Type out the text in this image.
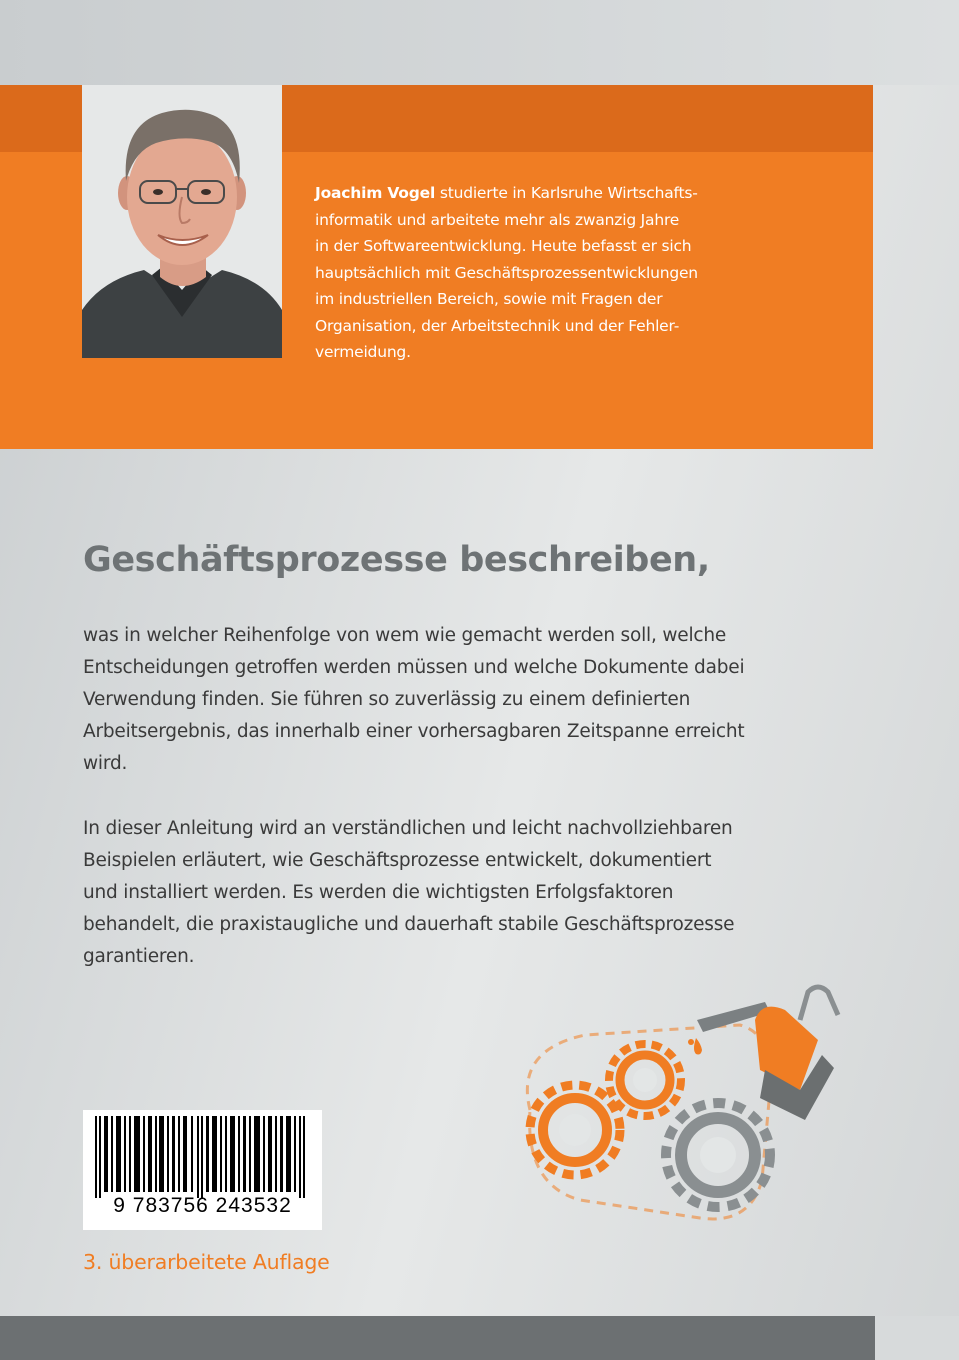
Joachim Vogel studierte in Karlsruhe Wirtschafts-
informatik und arbeitete mehr als zwanzig Jahre
in der Softwareentwicklung. Heute befasst er sich
hauptsächlich mit Geschäftsprozessentwicklungen
im industriellen Bereich, sowie mit Fragen der
Organisation, der Arbeitstechnik und der Fehler-
vermeidung.
Geschäftsprozesse beschreiben,

was in welcher Reihenfolge von wem wie gemacht werden soll, welche
Entscheidungen getroffen werden müssen und welche Dokumente dabei
Verwendung finden. Sie führen so zuverlässig zu einem definierten
Arbeitsergebnis, das innerhalb einer vorhersagbaren Zeitspanne erreicht
wird.

In dieser Anleitung wird an verständlichen und leicht nachvollziehbaren
Beispielen erläutert, wie Geschäftsprozesse entwickelt, dokumentiert
und installiert werden. Es werden die wichtigsten Erfolgsfaktoren
behandelt, die praxistaugliche und dauerhaft stabile Geschäftsprozesse
garantieren.

9 783756 243532

3. überarbeitete Auflage
